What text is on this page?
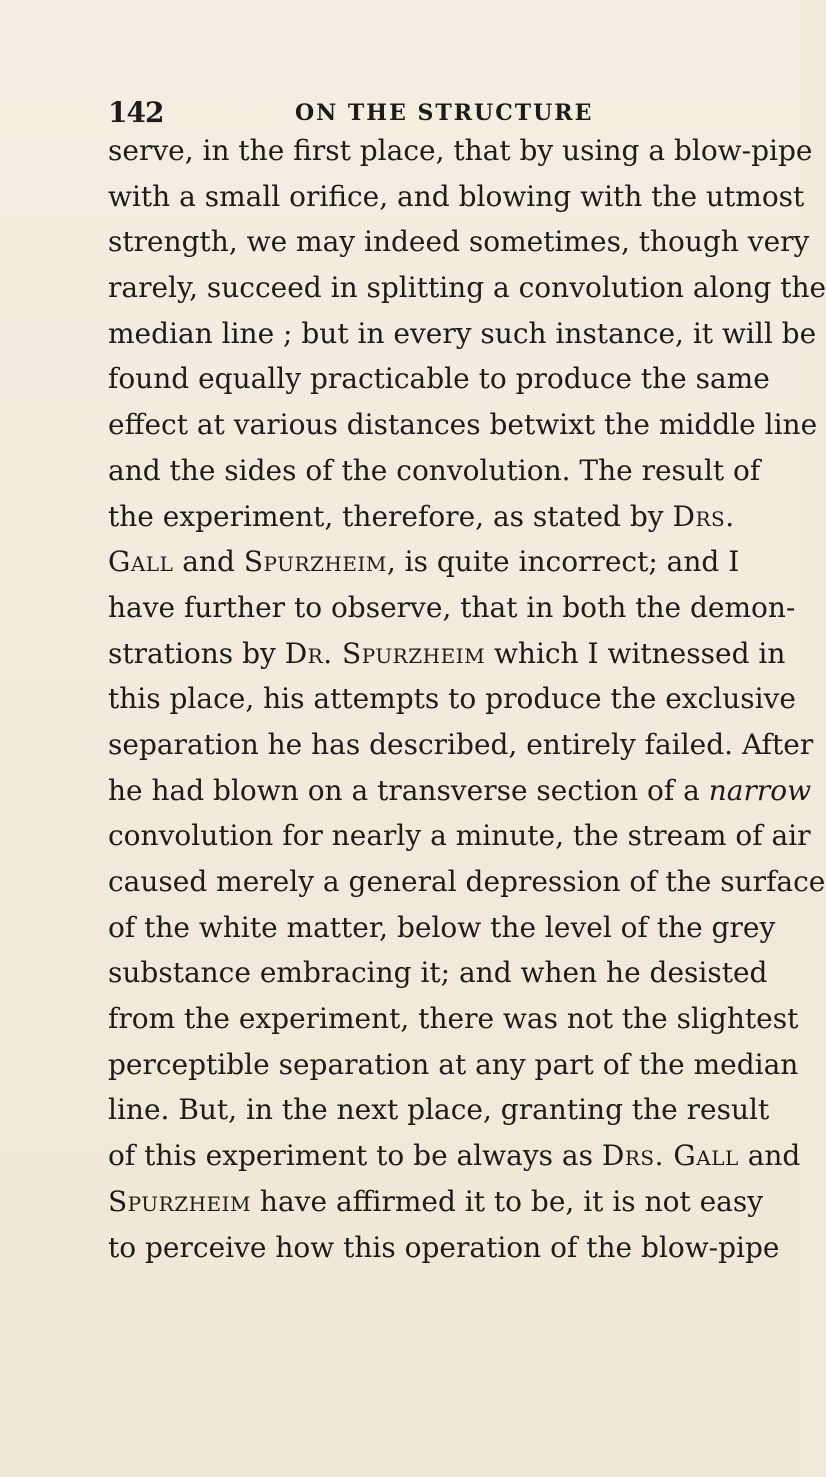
142	ON THE STRUCTURE
serve, in the first place, that by using a blow-pipe
with a small orifice, and blowing with the utmost
strength, we may indeed sometimes, though very
rarely, succeed in splitting a convolution along the
median line ; but in every such instance, it will be
found equally practicable to produce the same
effect at various distances betwixt the middle line
and the sides of the convolution. The result of
the experiment, therefore, as stated by Drs.
Gall and Spurzheim, is quite incorrect; and I
have further to observe, that in both the demon-
strations by Dr. Spurzheim which I witnessed in
this place, his attempts to produce the exclusive
separation he has described, entirely failed. After
he had blown on a transverse section of a narrow
convolution for nearly a minute, the stream of air
caused merely a general depression of the surface
of the white matter, below the level of the grey
substance embracing it; and when he desisted
from the experiment, there was not the slightest
perceptible separation at any part of the median
line. But, in the next place, granting the result
of this experiment to be always as Drs. Gall and
Spurzheim have affirmed it to be, it is not easy
to perceive how this operation of the blow-pipe
